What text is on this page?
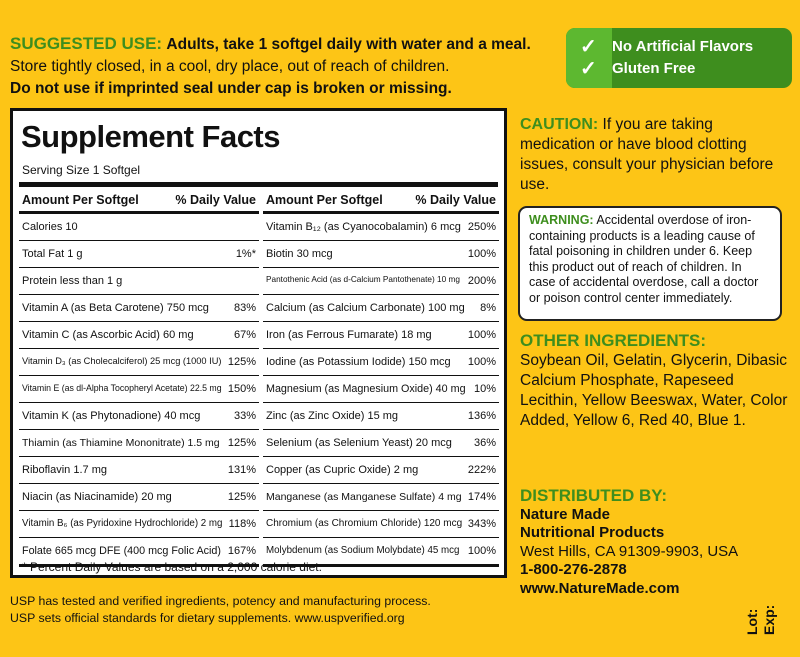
SUGGESTED USE: Adults, take 1 softgel daily with water and a meal.
Store tightly closed, in a cool, dry place, out of reach of children.
Do not use if imprinted seal under cap is broken or missing.
✓ No Artificial Flavors
✓ Gluten Free
Supplement Facts
Serving Size 1 Softgel
Amount Per Softgel	% Daily Value
Calories 10
Total Fat 1 g	1%*
Protein less than 1 g
Vitamin A (as Beta Carotene) 750 mcg 83%
Vitamin C (as Ascorbic Acid) 60 mg	67%
Vitamin D₃ (as Cholecalciferol) 25 mcg (1000 IU) 125%
Vitamin E (as dl-Alpha Tocopheryl Acetate) 22.5 mg 150%
Vitamin K (as Phytonadione) 40 mcg	33%
Thiamin (as Thiamine Mononitrate) 1.5 mg 125%
Riboflavin 1.7 mg	131%
Niacin (as Niacinamide) 20 mg	125%
Vitamin B₆ (as Pyridoxine Hydrochloride) 2 mg 118%
Folate 665 mcg DFE (400 mcg Folic Acid) 167%
Amount Per Softgel	% Daily Value
Vitamin B₁₂ (as Cyanocobalamin) 6 mcg 250%
Biotin 30 mcg	100%
Pantothenic Acid (as d-Calcium Pantothenate) 10 mg 200%
Calcium (as Calcium Carbonate) 100 mg 8%
Iron (as Ferrous Fumarate) 18 mg	100%
Iodine (as Potassium Iodide) 150 mcg 100%
Magnesium (as Magnesium Oxide) 40 mg 10%
Zinc (as Zinc Oxide) 15 mg	136%
Selenium (as Selenium Yeast) 20 mcg 36%
Copper (as Cupric Oxide) 2 mg	222%
Manganese (as Manganese Sulfate) 4 mg 174%
Chromium (as Chromium Chloride) 120 mcg 343%
Molybdenum (as Sodium Molybdate) 45 mcg 100%
* Percent Daily Values are based on a 2,000 calorie diet.
USP has tested and verified ingredients, potency and manufacturing process.
USP sets official standards for dietary supplements. www.uspverified.org
CAUTION: If you are taking medication or have blood clotting issues, consult your physician before use.
WARNING: Accidental overdose of iron-containing products is a leading cause of fatal poisoning in children under 6. Keep this product out of reach of children. In case of accidental overdose, call a doctor or poison control center immediately.
OTHER INGREDIENTS:
Soybean Oil, Gelatin, Glycerin, Dibasic Calcium Phosphate, Rapeseed Lecithin, Yellow Beeswax, Water, Color Added, Yellow 6, Red 40, Blue 1.
DISTRIBUTED BY:
Nature Made
Nutritional Products
West Hills, CA 91309-9903, USA
1-800-276-2878
www.NatureMade.com
Lot: Exp:
